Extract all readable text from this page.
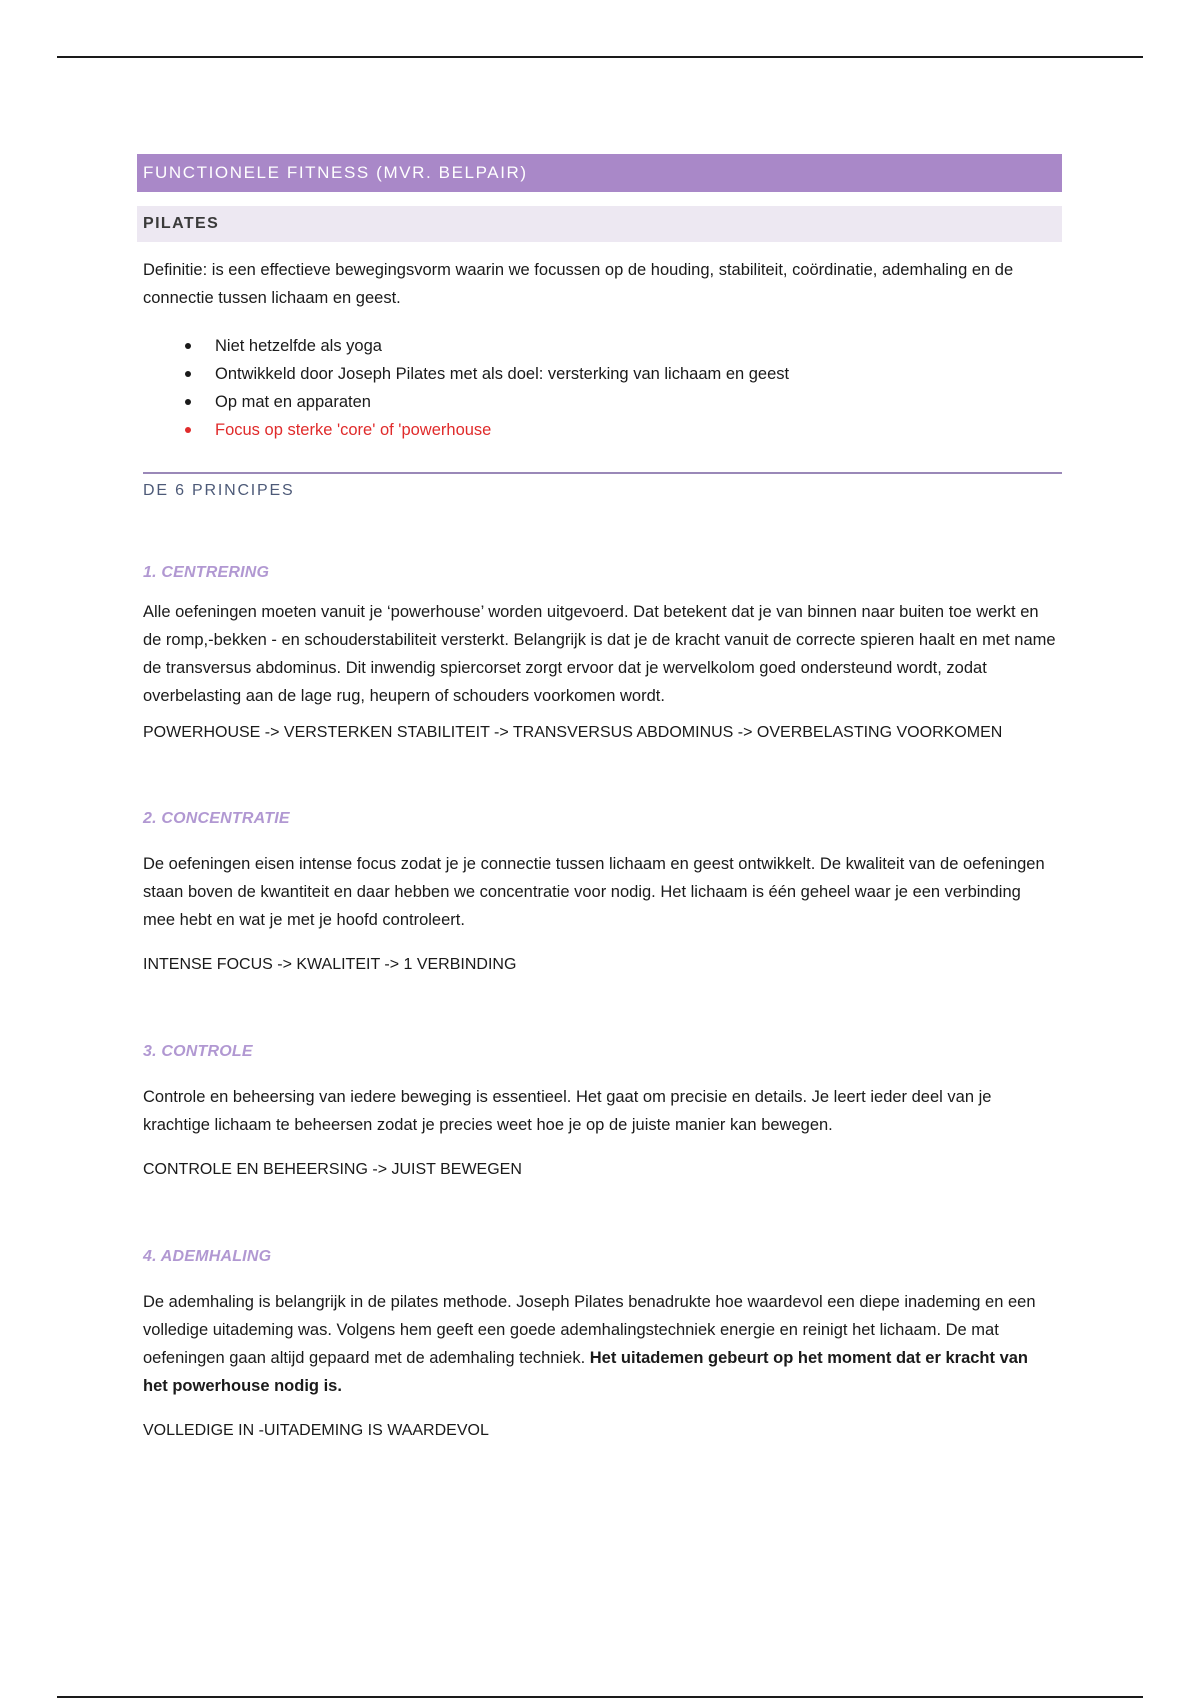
FUNCTIONELE FITNESS (MVR. BELPAIR)
PILATES

Definitie: is een effectieve bewegingsvorm waarin we focussen op de houding, stabiliteit, coördinatie, ademhaling en de connectie tussen lichaam en geest.

Niet hetzelfde als yoga
Ontwikkeld door Joseph Pilates met als doel: versterking van lichaam en geest
Op mat en apparaten
Focus op sterke 'core' of 'powerhouse
DE 6 PRINCIPES
1. CENTRERING

Alle oefeningen moeten vanuit je ‘powerhouse’ worden uitgevoerd. Dat betekent dat je van binnen naar buiten toe werkt en de romp,-bekken - en schouderstabiliteit versterkt. Belangrijk is dat je de kracht vanuit de correcte spieren haalt en met name de transversus abdominus. Dit inwendig spiercorset zorgt ervoor dat je wervelkolom goed ondersteund wordt, zodat overbelasting aan de lage rug, heupern of schouders voorkomen wordt.

POWERHOUSE -> VERSTERKEN STABILITEIT -> TRANSVERSUS ABDOMINUS -> OVERBELASTING VOORKOMEN

2. CONCENTRATIE

De oefeningen eisen intense focus zodat je je connectie tussen lichaam en geest ontwikkelt. De kwaliteit van de oefeningen staan boven de kwantiteit en daar hebben we concentratie voor nodig. Het lichaam is één geheel waar je een verbinding mee hebt en wat je met je hoofd controleert.

INTENSE FOCUS -> KWALITEIT -> 1 VERBINDING

3. CONTROLE

Controle en beheersing van iedere beweging is essentieel. Het gaat om precisie en details. Je leert ieder deel van je krachtige lichaam te beheersen zodat je precies weet hoe je op de juiste manier kan bewegen.

CONTROLE EN BEHEERSING -> JUIST BEWEGEN

4. ADEMHALING

De ademhaling is belangrijk in de pilates methode. Joseph Pilates benadrukte hoe waardevol een diepe inademing en een volledige uitademing was. Volgens hem geeft een goede ademhalingstechniek energie en reinigt het lichaam. De mat oefeningen gaan altijd gepaard met de ademhaling techniek. Het uitademen gebeurt op het moment dat er kracht van het powerhouse nodig is.

VOLLEDIGE IN -UITADEMING IS WAARDEVOL
